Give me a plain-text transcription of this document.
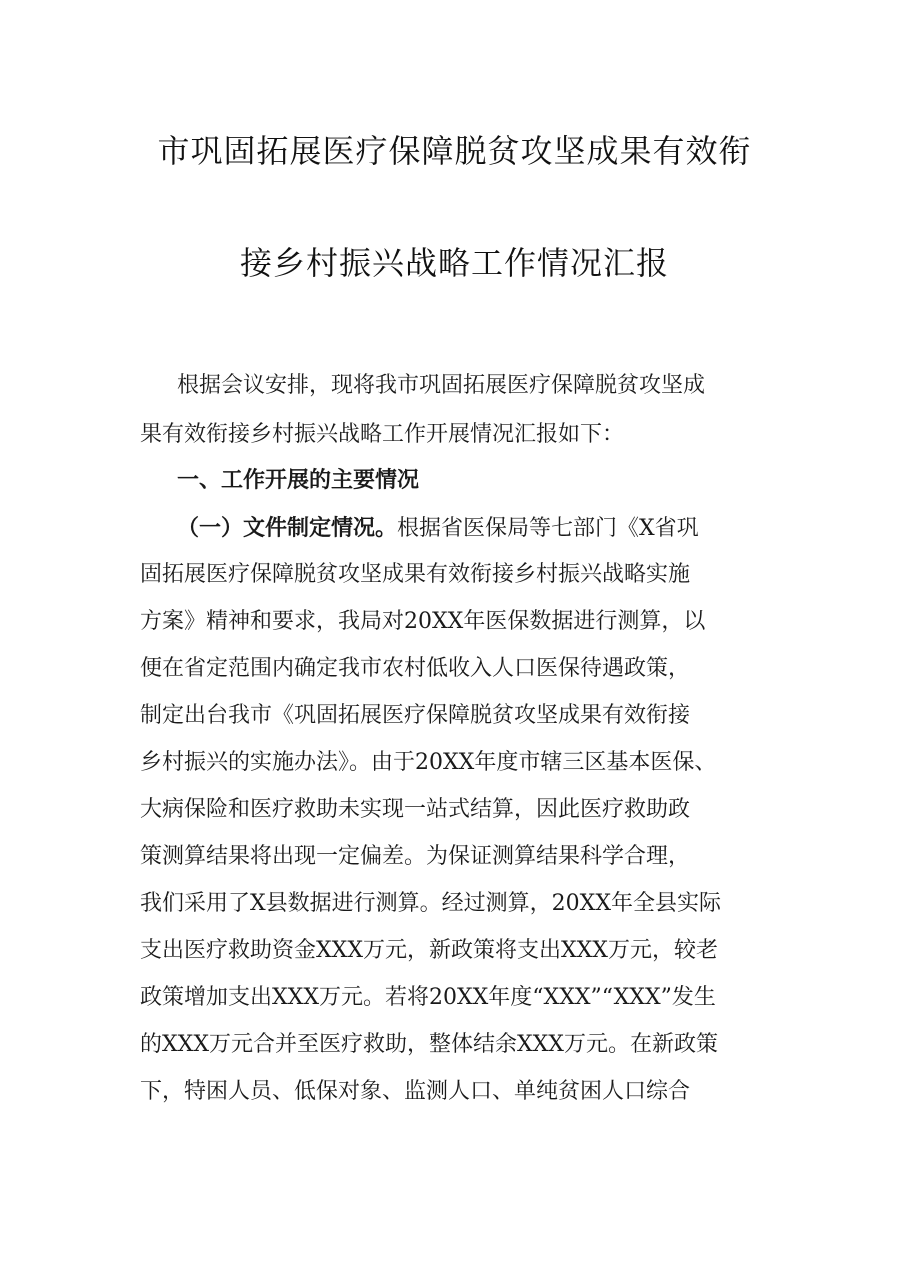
市巩固拓展医疗保障脱贫攻坚成果有效衔
接乡村振兴战略工作情况汇报
根据会议安排，现将我市巩固拓展医疗保障脱贫攻坚成
果有效衔接乡村振兴战略工作开展情况汇报如下：
一、工作开展的主要情况
（一）文件制定情况。根据省医保局等七部门《X省巩
固拓展医疗保障脱贫攻坚成果有效衔接乡村振兴战略实施
方案》精神和要求，我局对20XX年医保数据进行测算，以
便在省定范围内确定我市农村低收入人口医保待遇政策，
制定出台我市《巩固拓展医疗保障脱贫攻坚成果有效衔接
乡村振兴的实施办法》。由于20XX年度市辖三区基本医保、
大病保险和医疗救助未实现一站式结算，因此医疗救助政
策测算结果将出现一定偏差。为保证测算结果科学合理，
我们采用了X县数据进行测算。经过测算，20XX年全县实际
支出医疗救助资金XXX万元，新政策将支出XXX万元，较老
政策增加支出XXX万元。若将20XX年度“XXX”“XXX”发生
的XXX万元合并至医疗救助，整体结余XXX万元。在新政策
下，特困人员、低保对象、监测人口、单纯贫困人口综合
